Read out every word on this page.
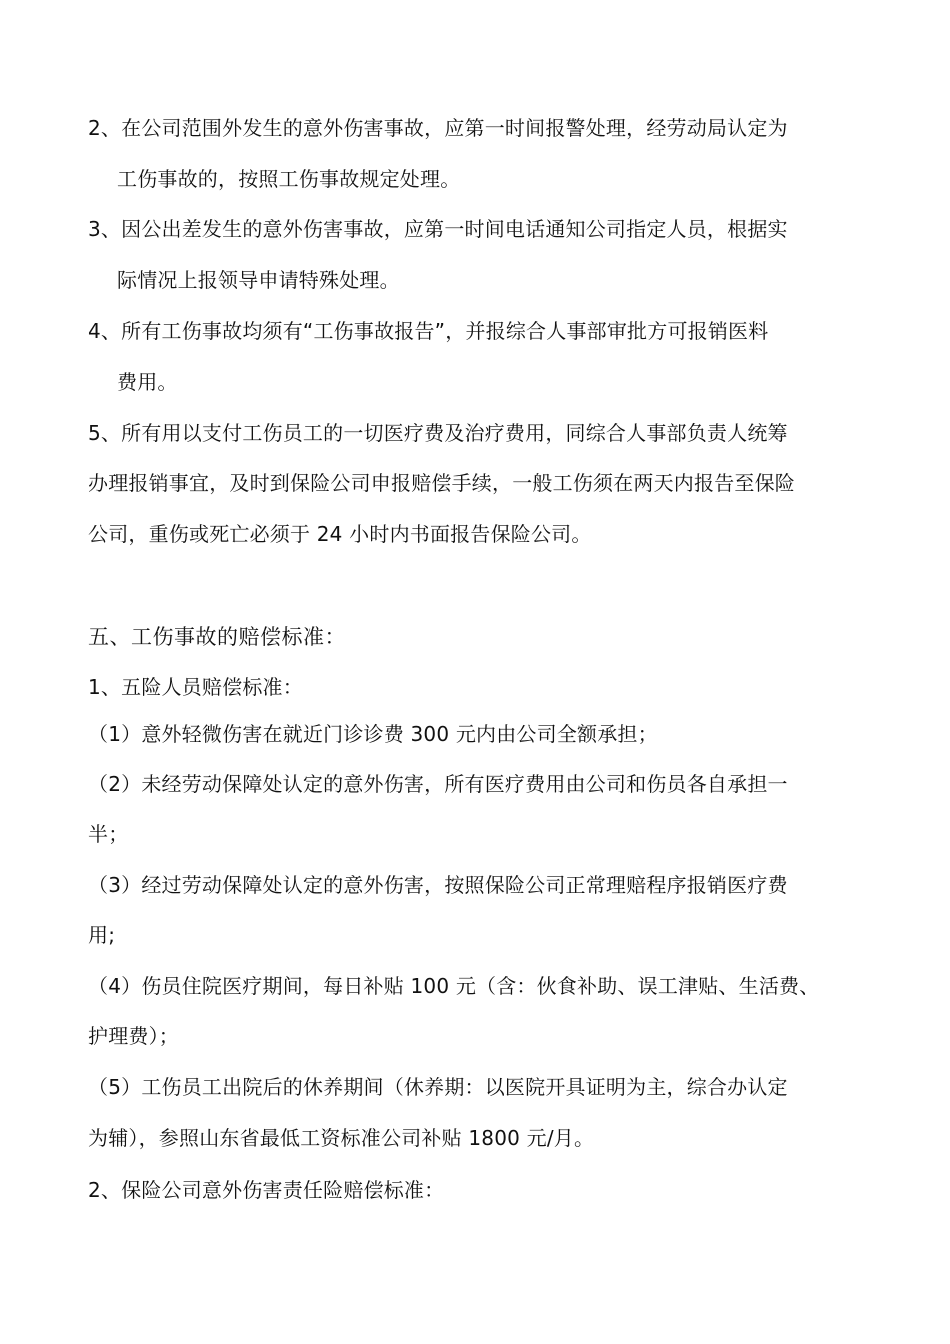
2、在公司范围外发生的意外伤害事故，应第一时间报警处理，经劳动局认定为
工伤事故的，按照工伤事故规定处理。
3、因公出差发生的意外伤害事故，应第一时间电话通知公司指定人员，根据实
际情况上报领导申请特殊处理。
4、所有工伤事故均须有“工伤事故报告”，并报综合人事部审批方可报销医料
费用。
5、所有用以支付工伤员工的一切医疗费及治疗费用，同综合人事部负责人统筹
办理报销事宜，及时到保险公司申报赔偿手续，一般工伤须在两天内报告至保险
公司，重伤或死亡必须于 24 小时内书面报告保险公司。
五、工伤事故的赔偿标准：
1、五险人员赔偿标准：
（1）意外轻微伤害在就近门诊诊费 300 元内由公司全额承担；
（2）未经劳动保障处认定的意外伤害，所有医疗费用由公司和伤员各自承担一
半；
（3）经过劳动保障处认定的意外伤害，按照保险公司正常理赔程序报销医疗费
用;
（4）伤员住院医疗期间，每日补贴 100 元（含：伙食补助、误工津贴、生活费、
护理费）；
（5）工伤员工出院后的休养期间（休养期：以医院开具证明为主，综合办认定
为辅），参照山东省最低工资标准公司补贴 1800 元/月。
2、保险公司意外伤害责任险赔偿标准：
